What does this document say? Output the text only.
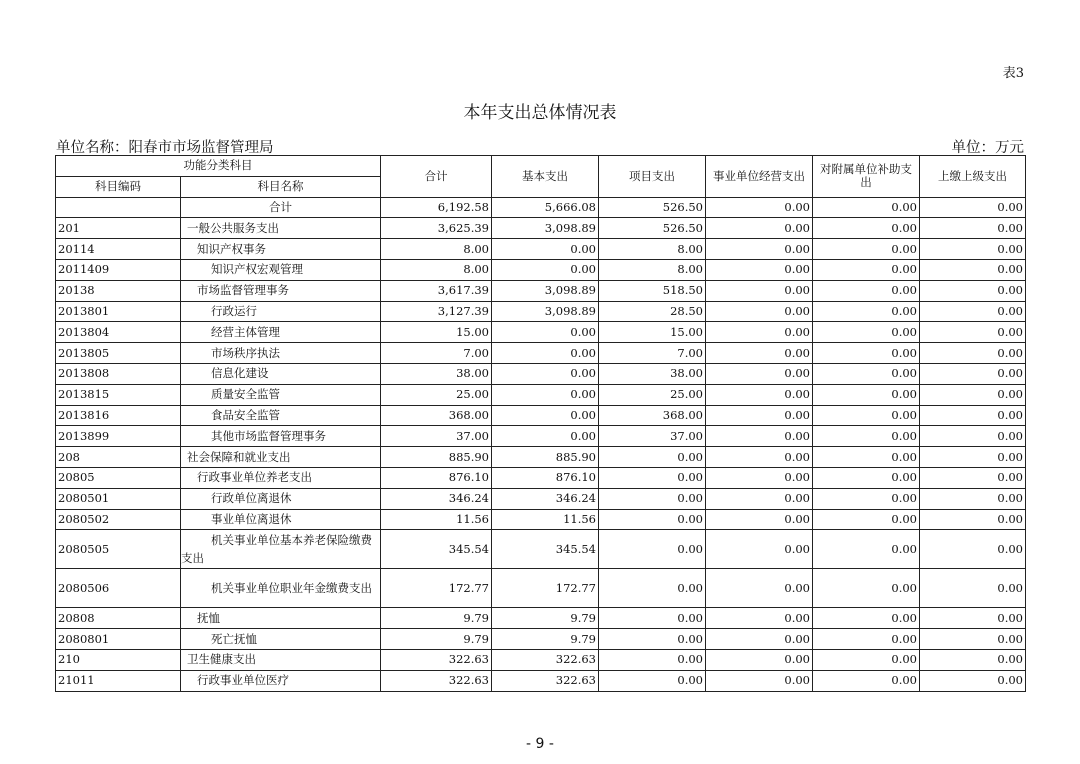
表3
本年支出总体情况表
单位名称：阳春市市场监督管理局	单位：万元
功能分类科目		合计	基本支出	项目支出	事业单位经营支出	对附属单位补助支出	上缴上级支出
科目编码	科目名称						
	合计	6,192.58	5,666.08	526.50	0.00	0.00	0.00
201	一般公共服务支出	3,625.39	3,098.89	526.50	0.00	0.00	0.00
20114	知识产权事务	8.00	0.00	8.00	0.00	0.00	0.00
2011409	知识产权宏观管理	8.00	0.00	8.00	0.00	0.00	0.00
20138	市场监督管理事务	3,617.39	3,098.89	518.50	0.00	0.00	0.00
2013801	行政运行	3,127.39	3,098.89	28.50	0.00	0.00	0.00
2013804	经营主体管理	15.00	0.00	15.00	0.00	0.00	0.00
2013805	市场秩序执法	7.00	0.00	7.00	0.00	0.00	0.00
2013808	信息化建设	38.00	0.00	38.00	0.00	0.00	0.00
2013815	质量安全监管	25.00	0.00	25.00	0.00	0.00	0.00
2013816	食品安全监管	368.00	0.00	368.00	0.00	0.00	0.00
2013899	其他市场监督管理事务	37.00	0.00	37.00	0.00	0.00	0.00
208	社会保障和就业支出	885.90	885.90	0.00	0.00	0.00	0.00
20805	行政事业单位养老支出	876.10	876.10	0.00	0.00	0.00	0.00
2080501	行政单位离退休	346.24	346.24	0.00	0.00	0.00	0.00
2080502	事业单位离退休	11.56	11.56	0.00	0.00	0.00	0.00
2080505	机关事业单位基本养老保险缴费支出	345.54	345.54	0.00	0.00	0.00	0.00
2080506	机关事业单位职业年金缴费支出	172.77	172.77	0.00	0.00	0.00	0.00
20808	抚恤	9.79	9.79	0.00	0.00	0.00	0.00
2080801	死亡抚恤	9.79	9.79	0.00	0.00	0.00	0.00
210	卫生健康支出	322.63	322.63	0.00	0.00	0.00	0.00
21011	行政事业单位医疗	322.63	322.63	0.00	0.00	0.00	0.00
- 9 -
